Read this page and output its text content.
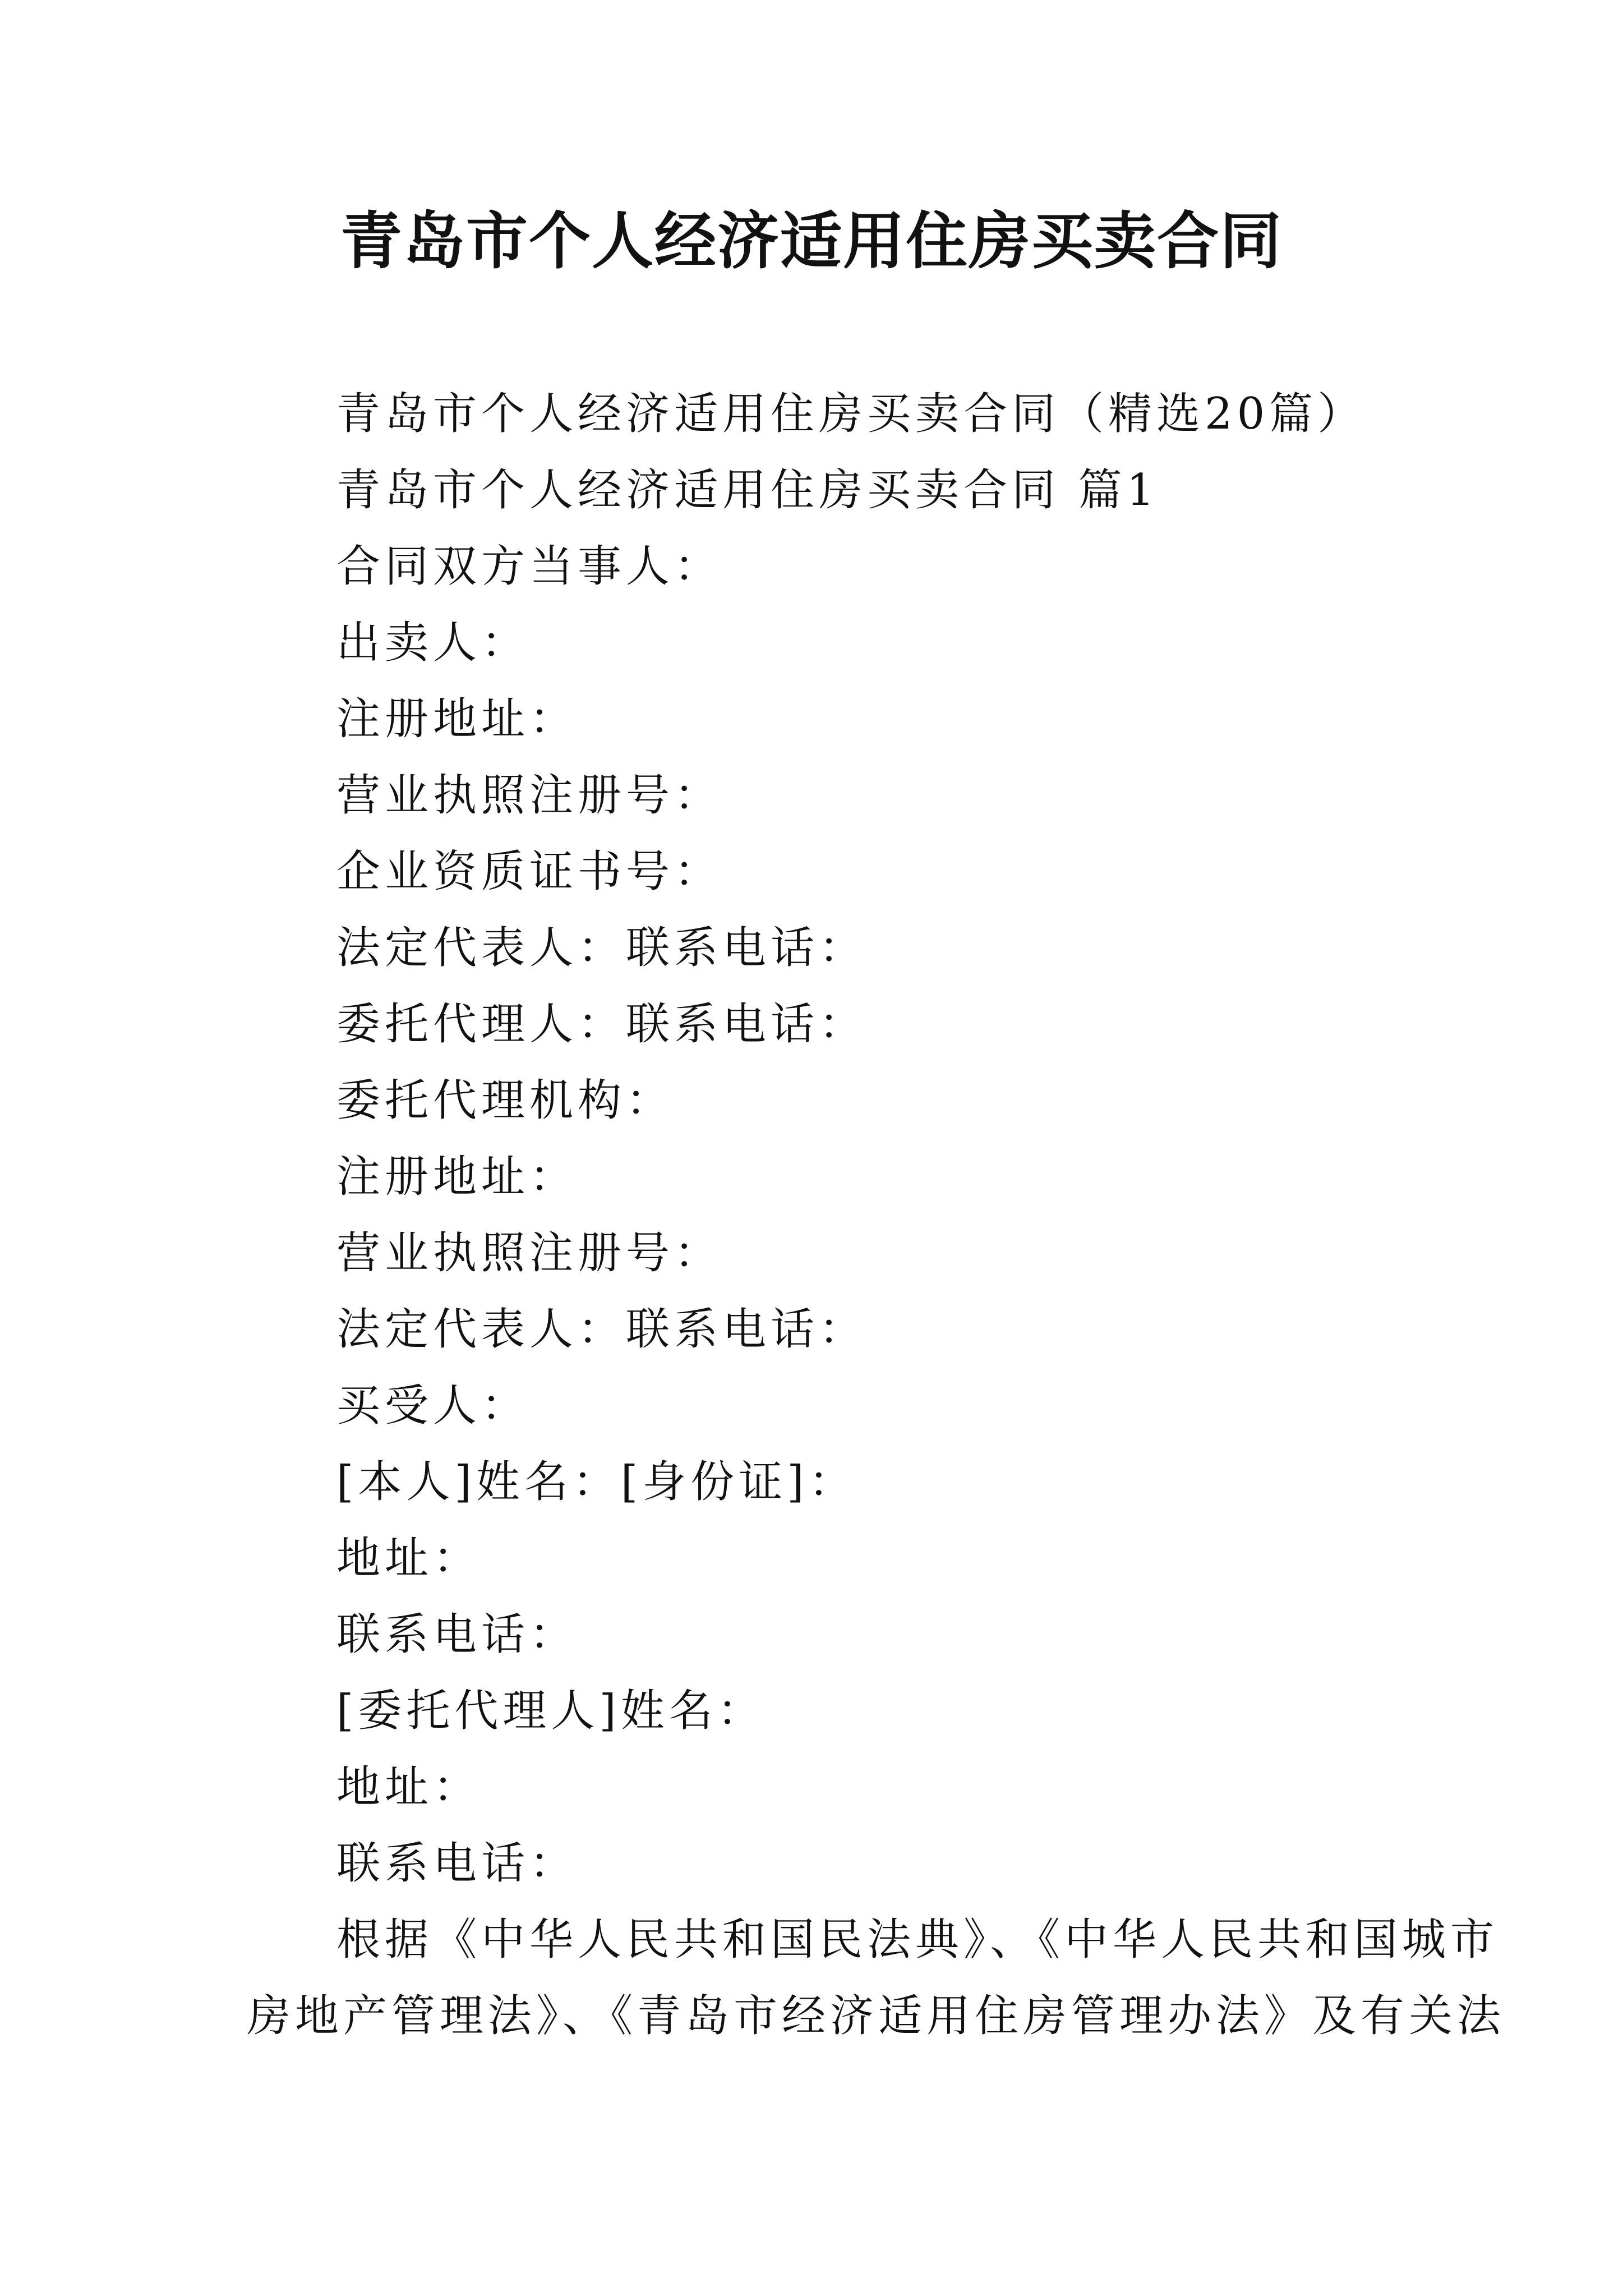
青岛市个人经济适用住房买卖合同
青岛市个人经济适用住房买卖合同（精选20篇）
青岛市个人经济适用住房买卖合同 篇1
合同双方当事人：
出卖人：
注册地址：
营业执照注册号：
企业资质证书号：
法定代表人：联系电话：
委托代理人：联系电话：
委托代理机构：
注册地址：
营业执照注册号：
法定代表人：联系电话：
买受人：
[本人]姓名：[身份证]：
地址：
联系电话：
[委托代理人]姓名：
地址：
联系电话：
根据《中华人民共和国民法典》、《中华人民共和国城市
房地产管理法》、《青岛市经济适用住房管理办法》及有关法
